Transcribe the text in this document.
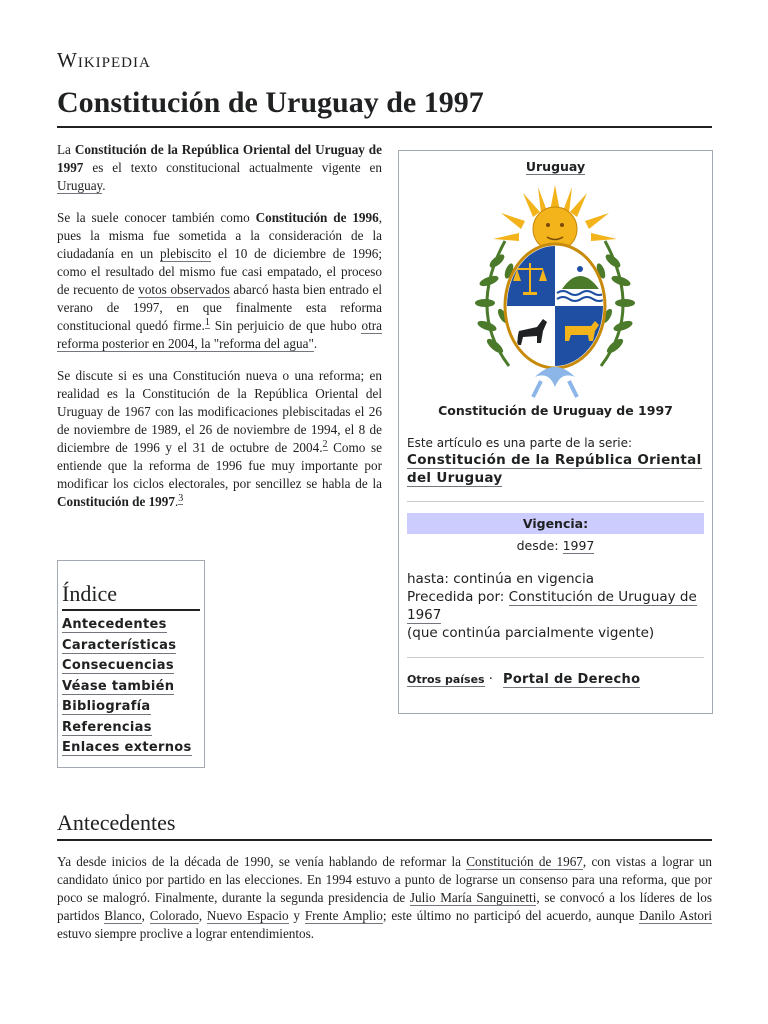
Wikipedia
Constitución de Uruguay de 1997

La Constitución de la República Oriental del Uruguay de 1997 es el texto constitucional actualmente vigente en Uruguay.

Se la suele conocer también como Constitución de 1996, pues la misma fue sometida a la consideración de la ciudadanía en un plebiscito el 10 de diciembre de 1996; como el resultado del mismo fue casi empatado, el proceso de recuento de votos observados abarcó hasta bien entrado el verano de 1997, en que finalmente esta reforma constitucional quedó firme.$^1$ Sin perjuicio de que hubo otra reforma posterior en 2004, la "reforma del agua".

Se discute si es una Constitución nueva o una reforma; en realidad es la Constitución de la República Oriental del Uruguay de 1967 con las modificaciones plebiscitadas el 26 de noviembre de 1989, el 26 de noviembre de 1994, el 8 de diciembre de 1996 y el 31 de octubre de 2004.$^2$ Como se entiende que la reforma de 1996 fue muy importante por modificar los ciclos electorales, por sencillez se habla de la Constitución de 1997.$^3$

Índice
Antecedentes
Características
Consecuencias
Véase también
Bibliografía
Referencias
Enlaces externos
Uruguay
Constitución de Uruguay de 1997
Este artículo es una parte de la serie:
Constitución de la República Oriental del Uruguay
Vigencia:
desde: 1997
hasta: continúa en vigencia
Precedida por: Constitución de Uruguay de 1967
(que continúa parcialmente vigente)
Otros países · Portal de Derecho
Antecedentes

Ya desde inicios de la década de 1990, se venía hablando de reformar la Constitución de 1967, con vistas a lograr un candidato único por partido en las elecciones. En 1994 estuvo a punto de lograrse un consenso para una reforma, que por poco se malogró. Finalmente, durante la segunda presidencia de Julio María Sanguinetti, se convocó a los líderes de los partidos Blanco, Colorado, Nuevo Espacio y Frente Amplio; este último no participó del acuerdo, aunque Danilo Astori estuvo siempre proclive a lograr entendimientos.
